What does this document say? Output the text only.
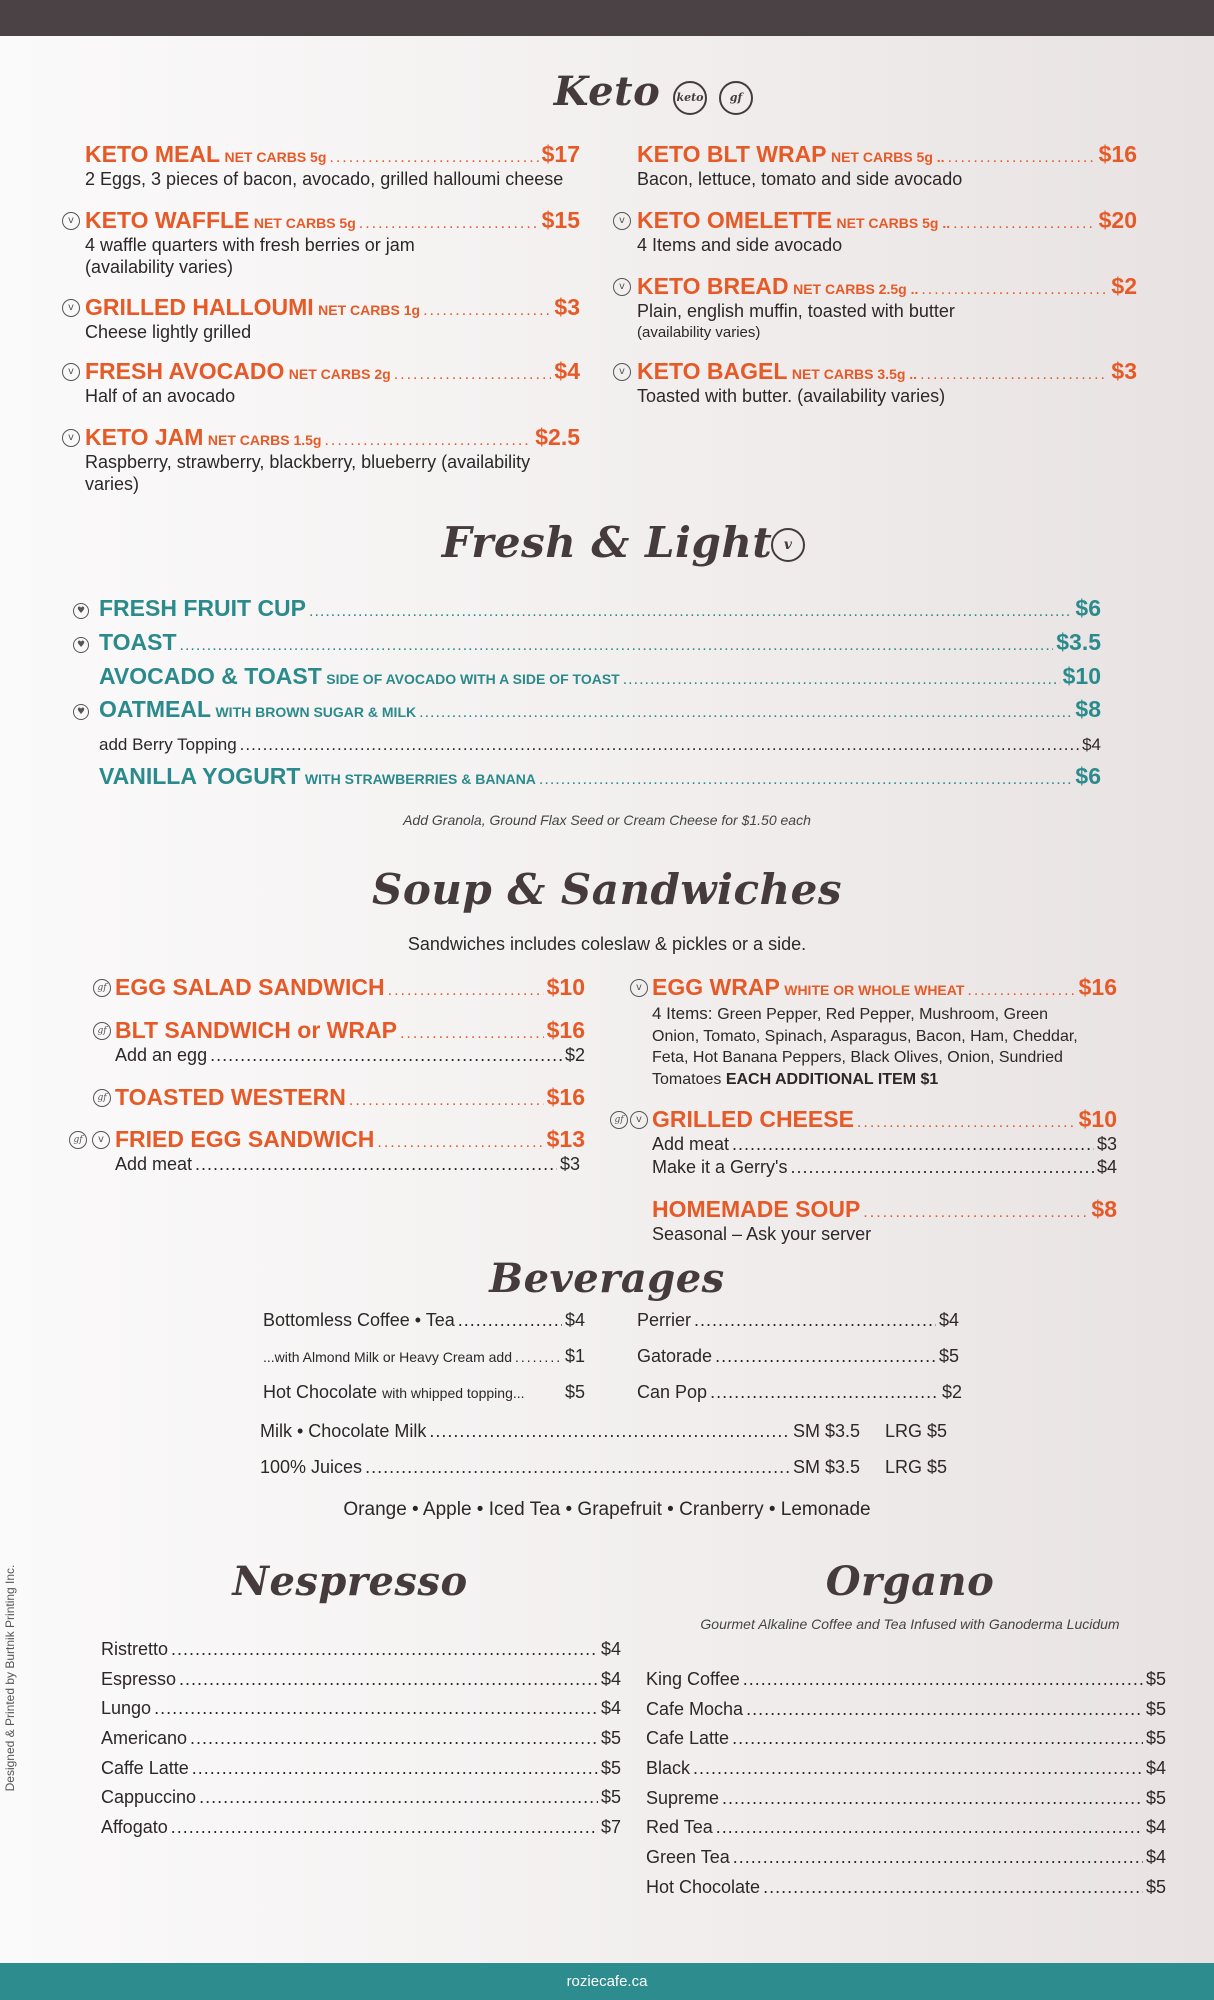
Keto	keto	gf
KETO MEAL
NET CARBS 5g .....	$17
2 Eggs, 3 pieces of bacon, avocado, grilled halloumi cheese
v KETO WAFFLE
NET CARBS 5g .....	$15
4 waffle quarters with fresh berries or jam
(availability varies)
v GRILLED HALLOUMI
NET CARBS 1g .....	$3
Cheese lightly grilled
v FRESH AVOCADO
NET CARBS 2g .....	$4
Half of an avocado
v KETO JAM
NET CARBS 1.5g .....	$2.5
Raspberry, strawberry, blackberry, blueberry (availability varies)
KETO BLT WRAP
NET CARBS 5g .. .....	$16
Bacon, lettuce, tomato and side avocado
v KETO OMELETTE
NET CARBS 5g .. .....	$20
4 Items and side avocado
v KETO BREAD
NET CARBS 2.5g .. .....	$2
Plain, english muffin, toasted with butter
(availability varies)
v KETO BAGEL
NET CARBS 3.5g .. .....	$3
Toasted with butter. (availability varies)
Fresh & Light v
♥ FRESH FRUIT CUP .....	$6
♥ TOAST .....	$3.5
AVOCADO & TOAST
SIDE OF AVOCADO WITH A SIDE OF TOAST .....	$10
♥ OATMEAL
WITH BROWN SUGAR & MILK .....	$8
add Berry Topping .....	$4
VANILLA YOGURT
WITH STRAWBERRIES & BANANA .....	$6
Add Granola, Ground Flax Seed or Cream Cheese for $1.50 each
Soup & Sandwiches
Sandwiches includes coleslaw & pickles or a side.
gf EGG SALAD SANDWICH .....	$10
gf BLT SANDWICH or WRAP .....	$16
Add an egg .....	$2
gf TOASTED WESTERN .....	$16
gf	v FRIED EGG SANDWICH .....	$13
Add meat .....	$3
v EGG WRAP
WHITE OR WHOLE WHEAT .....	$16
4 Items: Green Pepper, Red Pepper, Mushroom, Green
Onion, Tomato, Spinach, Asparagus, Bacon, Ham, Cheddar,
Feta, Hot Banana Peppers, Black Olives, Onion, Sundried
Tomatoes EACH ADDITIONAL ITEM $1
gf	v GRILLED CHEESE .....	$10
Add meat .....	$3
Make it a Gerry's .....	$4
HOMEMADE SOUP .....	$8
Seasonal – Ask your server
Beverages
Bottomless Coffee • Tea .....	$4
...with Almond Milk or Heavy Cream add .....	$1
Hot Chocolate
with whipped topping... $5
Perrier .....	$4
Gatorade .....	$5
Can Pop .....	$2
Milk • Chocolate Milk .....	SM $3.5 LRG $5
100% Juices .....	SM $3.5 LRG $5
Orange • Apple • Iced Tea • Grapefruit • Cranberry • Lemonade
Nespresso
Ristretto .....	$4
Espresso .....	$4
Lungo .....	$4
Americano .....	$5
Caffe Latte .....	$5
Cappuccino .....	$5
Affogato .....	$7
Organo
Gourmet Alkaline Coffee and Tea Infused with Ganoderma Lucidum
King Coffee .....	$5
Cafe Mocha .....	$5
Cafe Latte .....	$5
Black .....	$4
Supreme .....	$5
Red Tea .....	$4
Green Tea .....	$4
Hot Chocolate .....	$5
Designed & Printed by Burtnik Printing Inc.
roziecafe.ca
